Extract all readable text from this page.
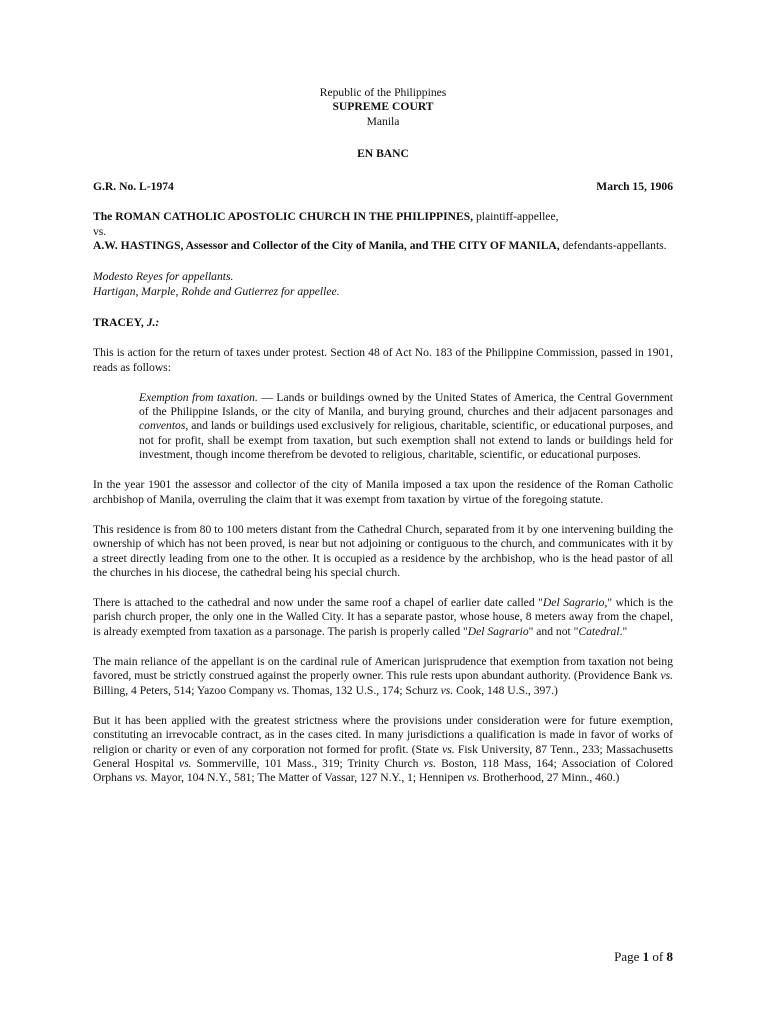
Republic of the Philippines
SUPREME COURT
Manila
EN BANC
G.R. No. L-1974	March 15, 1906
The ROMAN CATHOLIC APOSTOLIC CHURCH IN THE PHILIPPINES, plaintiff-appellee,
vs.
A.W. HASTINGS, Assessor and Collector of the City of Manila, and THE CITY OF MANILA, defendants-appellants.
Modesto Reyes for appellants.
Hartigan, Marple, Rohde and Gutierrez for appellee.
TRACEY, J.:

This is action for the return of taxes under protest. Section 48 of Act No. 183 of the Philippine Commission, passed in 1901, reads as follows:

Exemption from taxation. — Lands or buildings owned by the United States of America, the Central Government of the Philippine Islands, or the city of Manila, and burying ground, churches and their adjacent parsonages and conventos, and lands or buildings used exclusively for religious, charitable, scientific, or educational purposes, and not for profit, shall be exempt from taxation, but such exemption shall not extend to lands or buildings held for investment, though income therefrom be devoted to religious, charitable, scientific, or educational purposes.

In the year 1901 the assessor and collector of the city of Manila imposed a tax upon the residence of the Roman Catholic archbishop of Manila, overruling the claim that it was exempt from taxation by virtue of the foregoing statute.

This residence is from 80 to 100 meters distant from the Cathedral Church, separated from it by one intervening building the ownership of which has not been proved, is near but not adjoining or contiguous to the church, and communicates with it by a street directly leading from one to the other. It is occupied as a residence by the archbishop, who is the head pastor of all the churches in his diocese, the cathedral being his special church.

There is attached to the cathedral and now under the same roof a chapel of earlier date called "Del Sagrario," which is the parish church proper, the only one in the Walled City. It has a separate pastor, whose house, 8 meters away from the chapel, is already exempted from taxation as a parsonage. The parish is properly called "Del Sagrario" and not "Catedral."

The main reliance of the appellant is on the cardinal rule of American jurisprudence that exemption from taxation not being favored, must be strictly construed against the properly owner. This rule rests upon abundant authority. (Providence Bank vs. Billing, 4 Peters, 514; Yazoo Company vs. Thomas, 132 U.S., 174; Schurz vs. Cook, 148 U.S., 397.)

But it has been applied with the greatest strictness where the provisions under consideration were for future exemption, constituting an irrevocable contract, as in the cases cited. In many jurisdictions a qualification is made in favor of works of religion or charity or even of any corporation not formed for profit. (State vs. Fisk University, 87 Tenn., 233; Massachusetts General Hospital vs. Sommerville, 101 Mass., 319; Trinity Church vs. Boston, 118 Mass, 164; Association of Colored Orphans vs. Mayor, 104 N.Y., 581; The Matter of Vassar, 127 N.Y., 1; Hennipen vs. Brotherhood, 27 Minn., 460.)

Page 1 of 8
